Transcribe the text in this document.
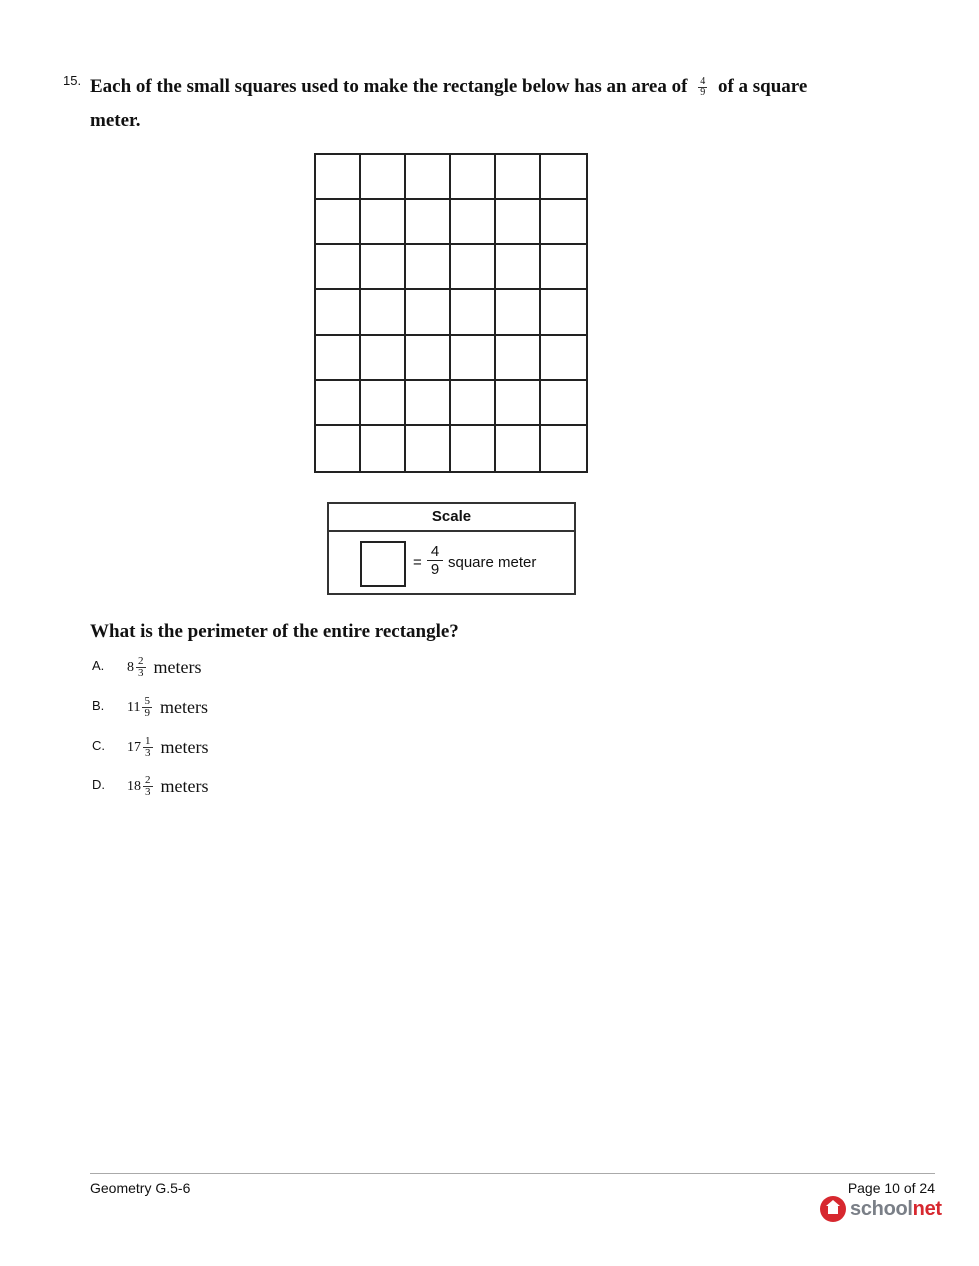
15. Each of the small squares used to make the rectangle below has an area of $\frac{4}{9}$ of a square meter.
Scale
= $\frac{4}{9}$ square meter
What is the perimeter of the entire rectangle?
A. $8 \frac{2}{3}$ meters
B. $11 \frac{5}{9}$ meters
C. $17 \frac{1}{3}$ meters
D. $18 \frac{2}{3}$ meters
Geometry G.5-6	Page 10 of 24
schoolnet
